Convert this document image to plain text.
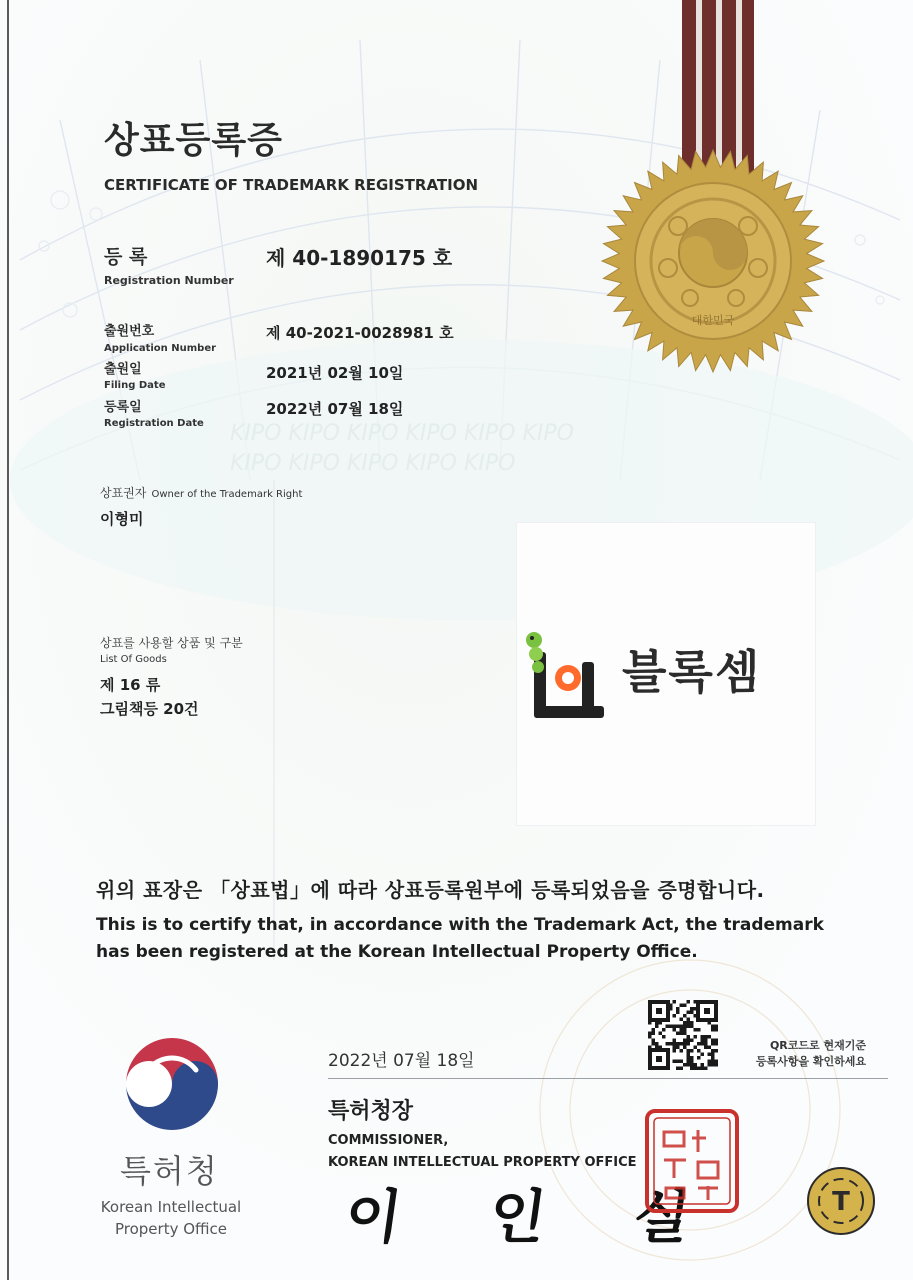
KIPO KIPO KIPO KIPO KIPO KIPO
KIPO KIPO KIPO KIPO KIPO
상표등록증
CERTIFICATE OF TRADEMARK REGISTRATION
등 록
Registration Number
제 40-1890175 호
출원번호
Application Number
제 40-2021-0028981 호
출원일
Filing Date
2021년 02월 10일
등록일
Registration Date
2022년 07월 18일
상표권자 Owner of the Trademark Right
이형미
상표를 사용할 상품 및 구분
List Of Goods
제 16 류
그림책등 20건
대한민국
블록셈
위의 표장은 「상표법」에 따라 상표등록원부에 등록되었음을 증명합니다.
This is to certify that, in accordance with the Trademark Act, the trademark
has been registered at the Korean Intellectual Property Office.
특허청
Korean Intellectual
Property Office
2022년 07월 18일
특허청장
COMMISSIONER,
KOREAN INTELLECTUAL PROPERTY OFFICE
이 인 실
QR코드로 현재기준
등록사항을 확인하세요
T
